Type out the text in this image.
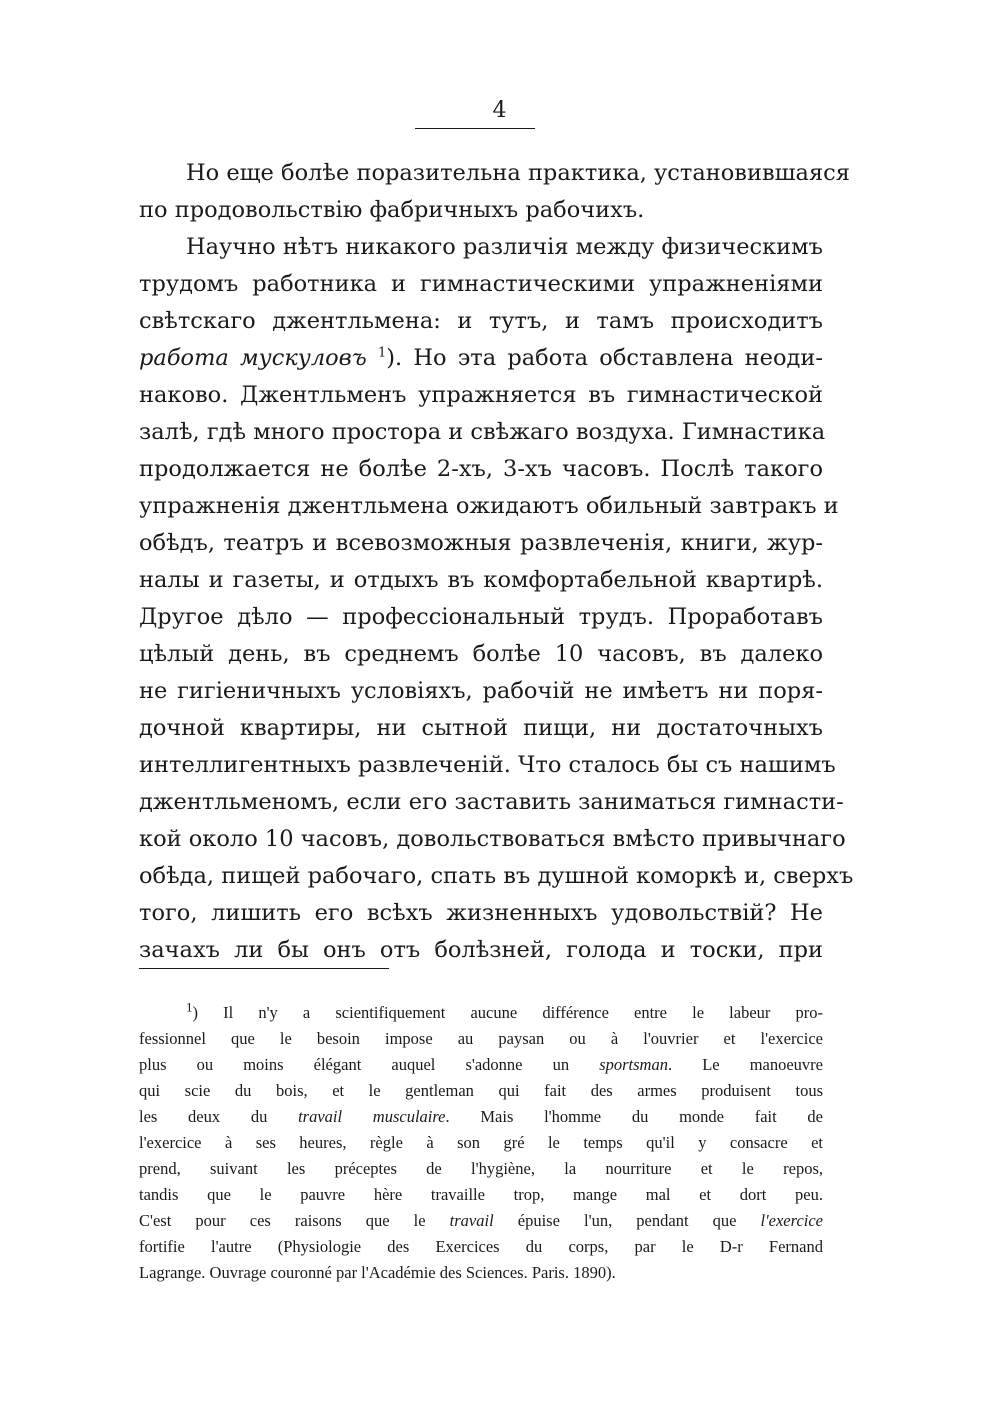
4
Но еще болѣе поразительна практика, установившаяся
по продовольствію фабричныхъ рабочихъ.
Научно нѣтъ никакого различія между физическимъ
трудомъ работника и гимнастическими упражненіями
свѣтскаго джентльмена: и тутъ, и тамъ происходитъ
работа мускуловъ $^1$). Но эта работа обставлена неоди-
наково. Джентльменъ упражняется въ гимнастической
залѣ, гдѣ много простора и свѣжаго воздуха. Гимнастика
продолжается не болѣе 2-хъ, 3-хъ часовъ. Послѣ такого
упражненія джентльмена ожидаютъ обильный завтракъ и
обѣдъ, театръ и всевозможныя развлеченія, книги, жур-
налы и газеты, и отдыхъ въ комфортабельной квартирѣ.
Другое дѣло — профессіональный трудъ. Проработавъ
цѣлый день, въ среднемъ болѣе 10 часовъ, въ далеко
не гигіеничныхъ условіяхъ, рабочій не имѣетъ ни поря-
дочной квартиры, ни сытной пищи, ни достаточныхъ
интеллигентныхъ развлеченій. Что сталось бы съ нашимъ
джентльменомъ, если его заставить заниматься гимнасти-
кой около 10 часовъ, довольствоваться вмѣсто привычнаго
обѣда, пищей рабочаго, спать въ душной коморкѣ и, сверхъ
того, лишить его всѣхъ жизненныхъ удовольствій? Не
зачахъ ли бы онъ отъ болѣзней, голода и тоски, при
$^1$) Il n'y a scientifiquement aucune différence entre le labeur pro-
fessionnel que le besoin impose au paysan ou à l'ouvrier et l'exercice
plus ou moins élégant auquel s'adonne un sportsman. Le manoeuvre
qui scie du bois, et le gentleman qui fait des armes produisent tous
les deux du travail musculaire. Mais l'homme du monde fait de
l'exercice à ses heures, règle à son gré le temps qu'il y consacre et
prend, suivant les préceptes de l'hygiène, la nourriture et le repos,
tandis que le pauvre hère travaille trop, mange mal et dort peu.
C'est pour ces raisons que le travail épuise l'un, pendant que l'exercice
fortifie l'autre (Physiologie des Exercices du corps, par le D-r Fernand
Lagrange. Ouvrage couronné par l'Académie des Sciences. Paris. 1890).
